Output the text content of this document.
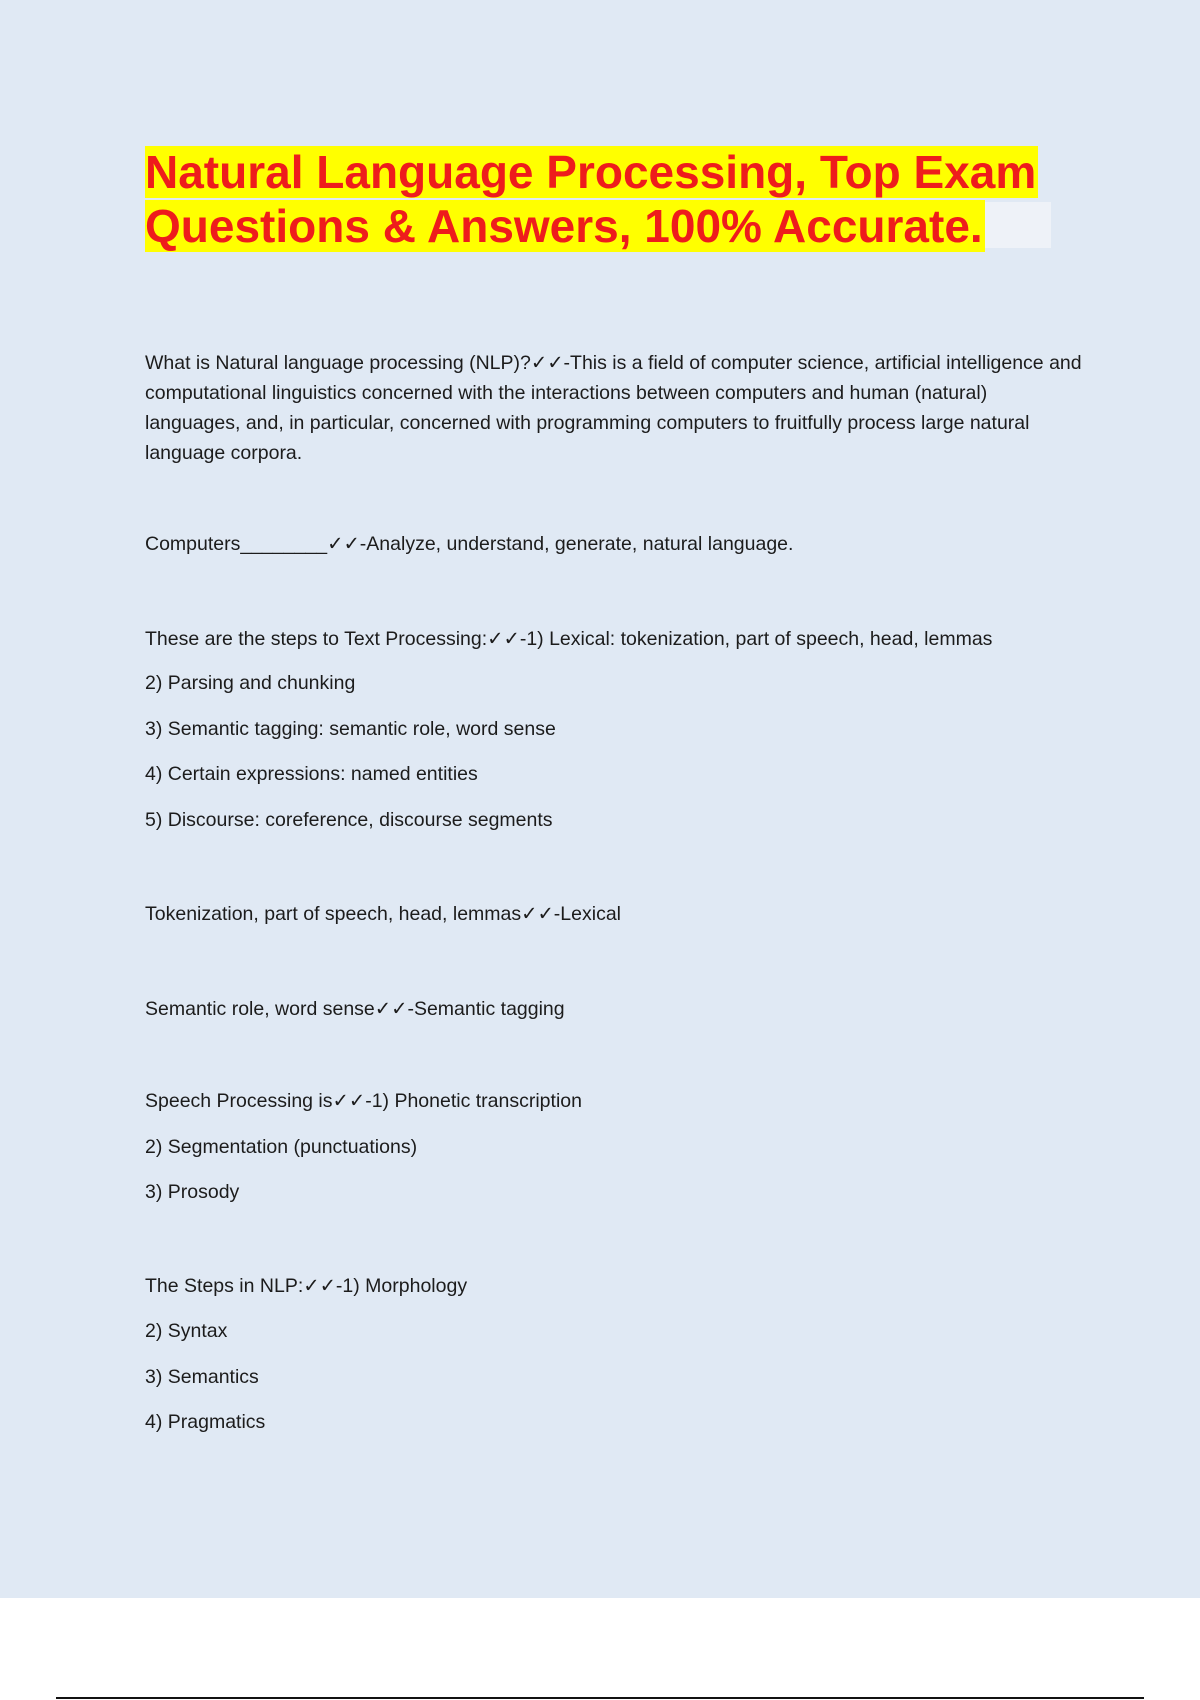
Natural Language Processing, Top Exam
Questions & Answers, 100% Accurate.

What is Natural language processing (NLP)?✓✓-This is a field of computer science, artificial intelligence and computational linguistics concerned with the interactions between computers and human (natural) languages, and, in particular, concerned with programming computers to fruitfully process large natural language corpora.

Computers________✓✓-Analyze, understand, generate, natural language.

These are the steps to Text Processing:✓✓-1) Lexical: tokenization, part of speech, head, lemmas

2) Parsing and chunking

3) Semantic tagging: semantic role, word sense

4) Certain expressions: named entities

5) Discourse: coreference, discourse segments

Tokenization, part of speech, head, lemmas✓✓-Lexical

Semantic role, word sense✓✓-Semantic tagging

Speech Processing is✓✓-1) Phonetic transcription

2) Segmentation (punctuations)

3) Prosody

The Steps in NLP:✓✓-1) Morphology

2) Syntax

3) Semantics

4) Pragmatics
